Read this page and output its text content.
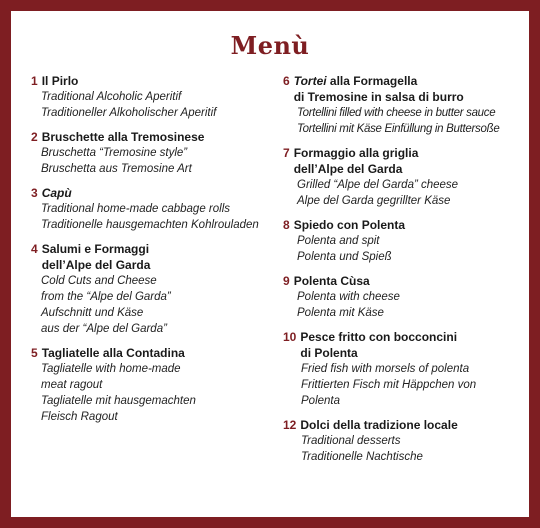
Menù
1 Il Pirlo
Traditional Alcoholic Aperitif
Traditioneller Alkoholischer Aperitif
2 Bruschette alla Tremosinese
Bruschetta “Tremosine style”
Bruschetta aus Tremosine Art
3 Capù
Traditional home-made cabbage rolls
Traditionelle hausgemachten Kohlrouladen
4 Salumi e Formaggi
dell’Alpe del Garda
Cold Cuts and Cheese
from the “Alpe del Garda”
Aufschnitt und Käse
aus der “Alpe del Garda”
5 Tagliatelle alla Contadina
Tagliatelle with home-made
meat ragout
Tagliatelle mit hausgemachten
Fleisch Ragout
6 Tortei alla Formagella
di Tremosine in salsa di burro
Tortellini filled with cheese in butter sauce
Tortellini mit Käse Einfüllung in Buttersoße
7 Formaggio alla griglia
dell’Alpe del Garda
Grilled “Alpe del Garda” cheese
Alpe del Garda gegrillter Käse
8 Spiedo con Polenta
Polenta and spit
Polenta und Spieß
9 Polenta Cùsa
Polenta with cheese
Polenta mit Käse
10 Pesce fritto con bocconcini
di Polenta
Fried fish with morsels of polenta
Frittierten Fisch mit Häppchen von
Polenta
12 Dolci della tradizione locale
Traditional desserts
Traditionelle Nachtische
